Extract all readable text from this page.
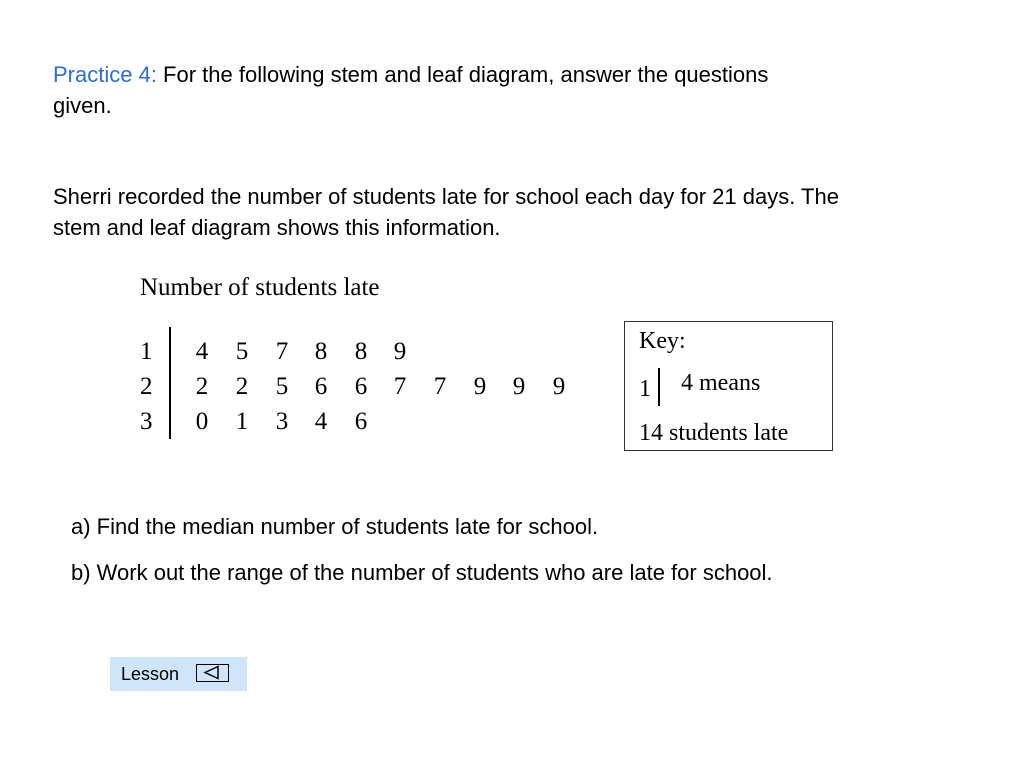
Practice 4: For the following stem and leaf diagram, answer the questions given.
Sherri recorded the number of students late for school each day for 21 days. The stem and leaf diagram shows this information.
Number of students late
1	4 5 7 8 8 9
2	2 2 5 6 6 7 7 9 9 9
3	0 1 3 4 6
Key:
1 4 means
14 students late
a) Find the median number of students late for school.
b) Work out the range of the number of students who are late for school.
Lesson
